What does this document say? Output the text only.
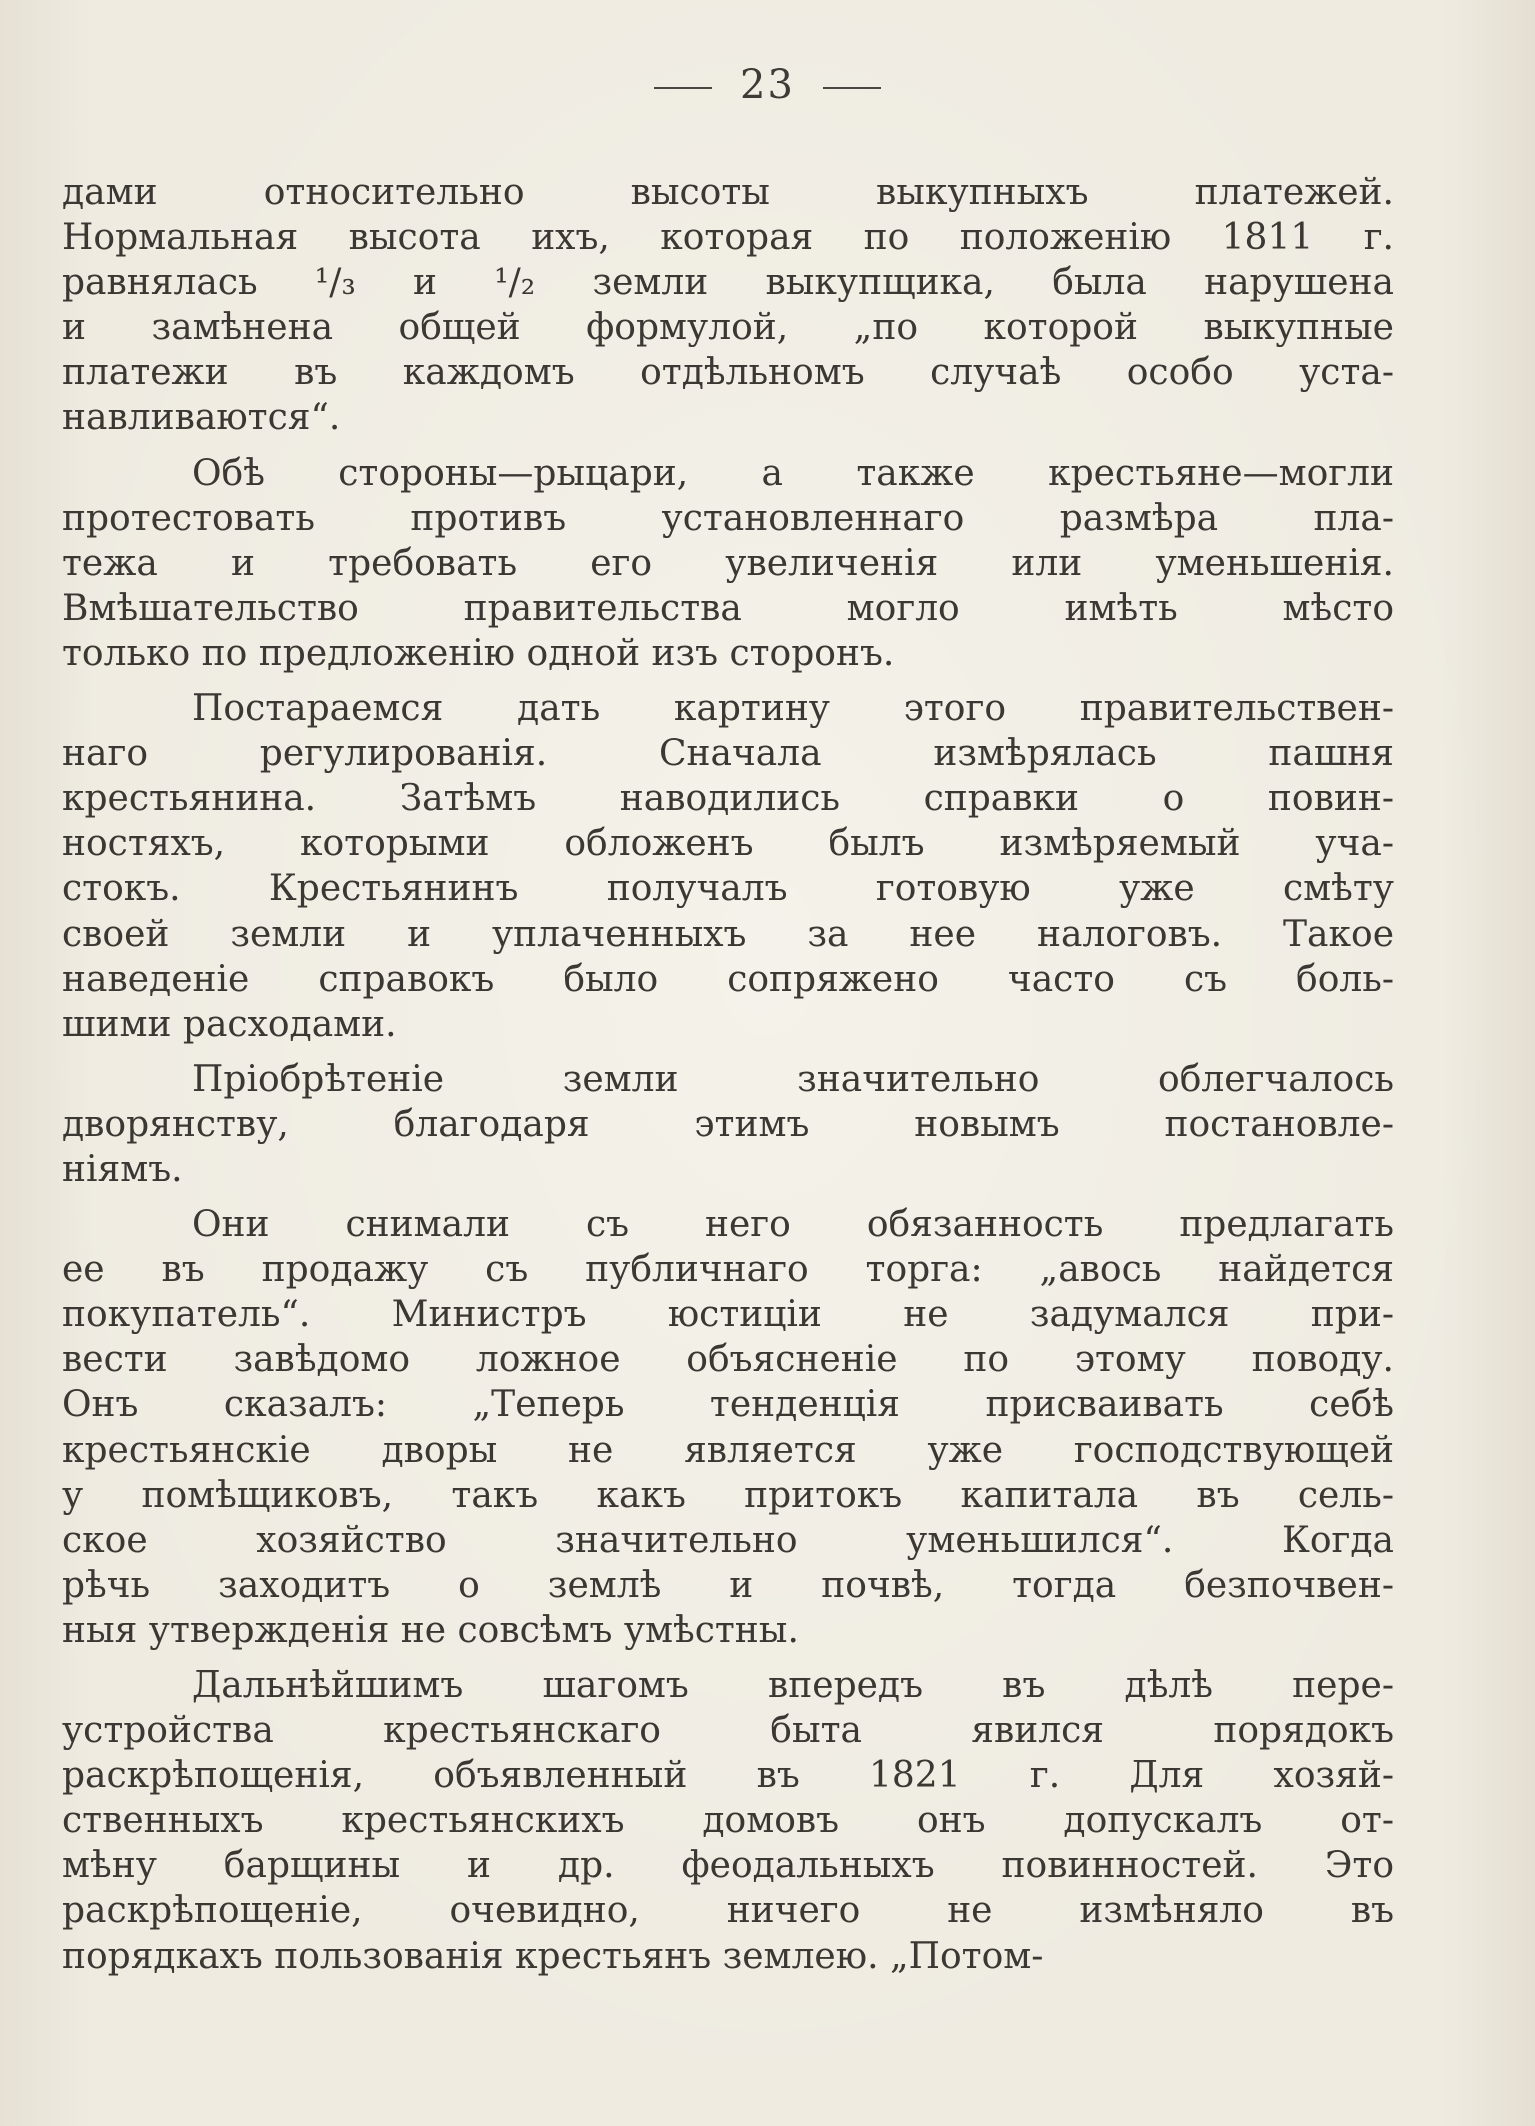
23
дами относительно высоты выкупныхъ платежей.
Нормальная высота ихъ, которая по положенію 1811 г.
равнялась ¹/₃ и ¹/₂ земли выкупщика, была нарушена
и замѣнена общей формулой, „по которой выкупные
платежи въ каждомъ отдѣльномъ случаѣ особо уста-
навливаются“.
Обѣ стороны—рыцари, а также крестьяне—могли
протестовать противъ установленнаго размѣра пла-
тежа и требовать его увеличенія или уменьшенія.
Вмѣшательство правительства могло имѣть мѣсто
только по предложенію одной изъ сторонъ.
Постараемся дать картину этого правительствен-
наго регулированія. Сначала измѣрялась пашня
крестьянина. Затѣмъ наводились справки о повин-
ностяхъ, которыми обложенъ былъ измѣряемый уча-
стокъ. Крестьянинъ получалъ готовую уже смѣту
своей земли и уплаченныхъ за нее налоговъ. Такое
наведеніе справокъ было сопряжено часто съ боль-
шими расходами.
Пріобрѣтеніе земли значительно облегчалось
дворянству, благодаря этимъ новымъ постановле-
ніямъ.
Они снимали съ него обязанность предлагать
ее въ продажу съ публичнаго торга: „авось найдется
покупатель“. Министръ юстиціи не задумался при-
вести завѣдомо ложное объясненіе по этому поводу.
Онъ сказалъ: „Теперь тенденція присваивать себѣ
крестьянскіе дворы не является уже господствующей
у помѣщиковъ, такъ какъ притокъ капитала въ сель-
ское хозяйство значительно уменьшился“. Когда
рѣчь заходитъ о землѣ и почвѣ, тогда безпочвен-
ныя утвержденія не совсѣмъ умѣстны.
Дальнѣйшимъ шагомъ впередъ въ дѣлѣ пере-
устройства крестьянскаго быта явился порядокъ
раскрѣпощенія, объявленный въ 1821 г. Для хозяй-
ственныхъ крестьянскихъ домовъ онъ допускалъ от-
мѣну барщины и др. феодальныхъ повинностей. Это
раскрѣпощеніе, очевидно, ничего не измѣняло въ
порядкахъ пользованія крестьянъ землею. „Потом-
